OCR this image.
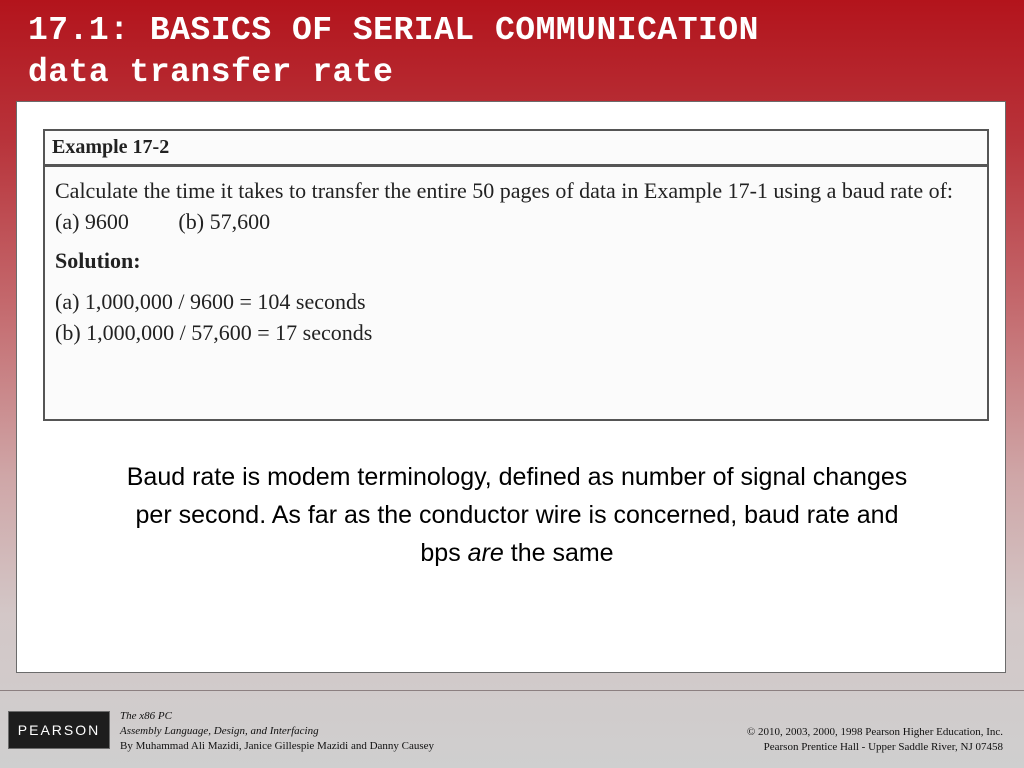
17.1: BASICS OF SERIAL COMMUNICATION
data transfer rate
Example 17-2

Calculate the time it takes to transfer the entire 50 pages of data in Example 17-1 using a baud rate of:

(a) 9600         (b) 57,600

Solution:

(a) 1,000,000 / 9600 = 104 seconds

(b) 1,000,000 / 57,600 = 17 seconds

Baud rate is modem terminology, defined as number of signal changes per second. As far as the conductor wire is concerned, baud rate and bps are the same

PEARSON
The x86 PC
Assembly Language, Design, and Interfacing
By Muhammad Ali Mazidi, Janice Gillespie Mazidi and Danny Causey
© 2010, 2003, 2000, 1998 Pearson Higher Education, Inc.
Pearson Prentice Hall - Upper Saddle River, NJ 07458
